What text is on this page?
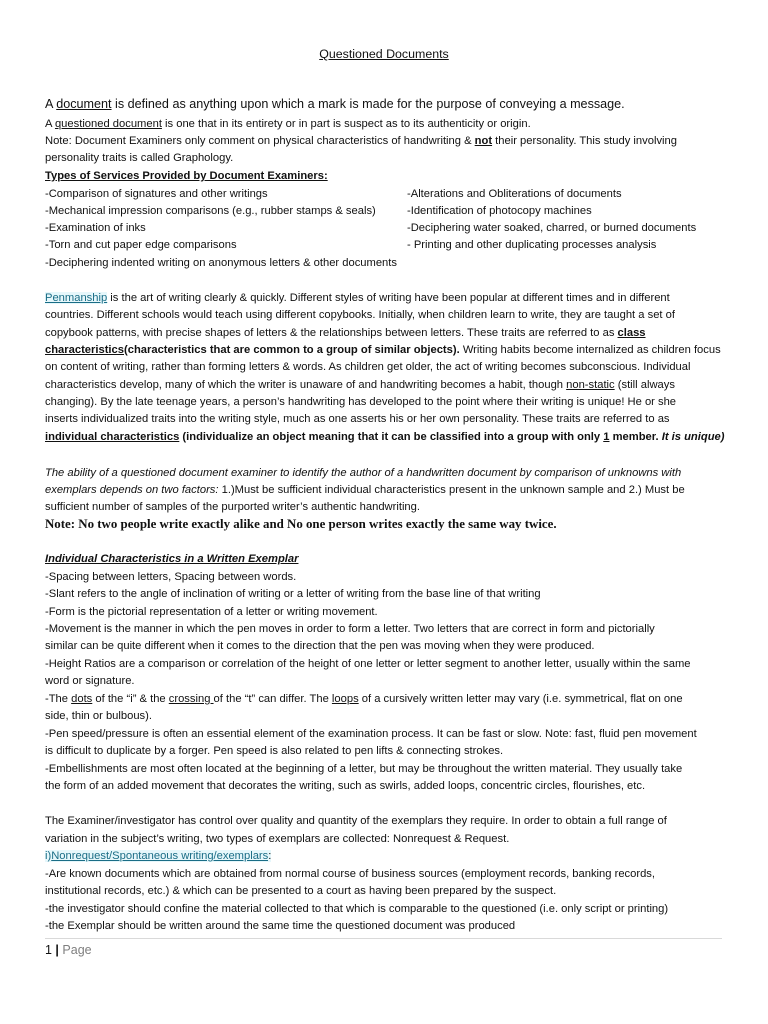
Questioned Documents
A document is defined as anything upon which a mark is made for the purpose of conveying a message.
A questioned document is one that in its entirety or in part is suspect as to its authenticity or origin.
Note: Document Examiners only comment on physical characteristics of handwriting & not their personality. This study involving
personality traits is called Graphology.
Types of Services Provided by Document Examiners:
-Comparison of signatures and other writings	-Alterations and Obliterations of documents
-Mechanical impression comparisons (e.g., rubber stamps & seals)	-Identification of photocopy machines
-Examination of inks	-Deciphering water soaked, charred, or burned documents
-Torn and cut paper edge comparisons	- Printing and other duplicating processes analysis
-Deciphering indented writing on anonymous letters & other documents
Penmanship is the art of writing clearly & quickly. Different styles of writing have been popular at different times and in different
countries. Different schools would teach using different copybooks. Initially, when children learn to write, they are taught a set of
copybook patterns, with precise shapes of letters & the relationships between letters. These traits are referred to as class
characteristics(characteristics that are common to a group of similar objects). Writing habits become internalized as children focus
on content of writing, rather than forming letters & words. As children get older, the act of writing becomes subconscious. Individual
characteristics develop, many of which the writer is unaware of and handwriting becomes a habit, though non-static (still always
changing). By the late teenage years, a person’s handwriting has developed to the point where their writing is unique! He or she
inserts individualized traits into the writing style, much as one asserts his or her own personality. These traits are referred to as
individual characteristics (individualize an object meaning that it can be classified into a group with only 1 member. It is unique)
The ability of a questioned document examiner to identify the author of a handwritten document by comparison of unknowns with
exemplars depends on two factors: 1.)Must be sufficient individual characteristics present in the unknown sample and 2.) Must be
sufficient number of samples of the purported writer’s authentic handwriting.
Note: No two people write exactly alike and No one person writes exactly the same way twice.
Individual Characteristics in a Written Exemplar
-Spacing between letters, Spacing between words.
-Slant refers to the angle of inclination of writing or a letter of writing from the base line of that writing
-Form is the pictorial representation of a letter or writing movement.
-Movement is the manner in which the pen moves in order to form a letter. Two letters that are correct in form and pictorially
similar can be quite different when it comes to the direction that the pen was moving when they were produced.
-Height Ratios are a comparison or correlation of the height of one letter or letter segment to another letter, usually within the same
word or signature.
-The dots of the “i” & the crossing of the “t” can differ. The loops of a cursively written letter may vary (i.e. symmetrical, flat on one
side, thin or bulbous).
-Pen speed/pressure is often an essential element of the examination process. It can be fast or slow. Note: fast, fluid pen movement
is difficult to duplicate by a forger. Pen speed is also related to pen lifts & connecting strokes.
-Embellishments are most often located at the beginning of a letter, but may be throughout the written material. They usually take
the form of an added movement that decorates the writing, such as swirls, added loops, concentric circles, flourishes, etc.
The Examiner/investigator has control over quality and quantity of the exemplars they require. In order to obtain a full range of
variation in the subject’s writing, two types of exemplars are collected: Nonrequest & Request.
i)Nonrequest/Spontaneous writing/exemplars:
-Are known documents which are obtained from normal course of business sources (employment records, banking records,
institutional records, etc.) & which can be presented to a court as having been prepared by the suspect.
-the investigator should confine the material collected to that which is comparable to the questioned (i.e. only script or printing)
-the Exemplar should be written around the same time the questioned document was produced
1 | Page
